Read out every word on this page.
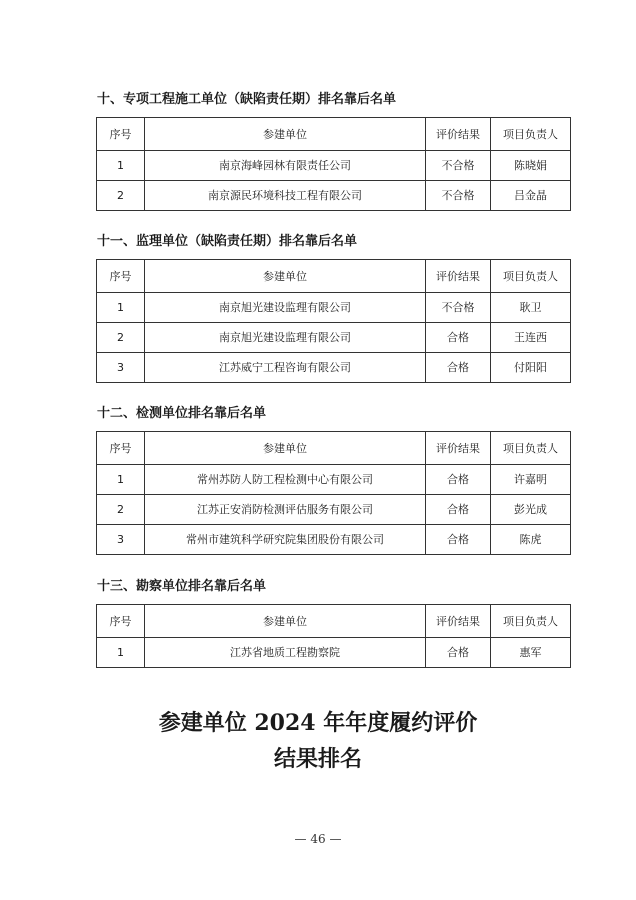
十、专项工程施工单位（缺陷责任期）排名靠后名单
序号	参建单位	评价结果	项目负责人
1	南京海峰园林有限责任公司	不合格	陈晓娟
2	南京源民环境科技工程有限公司	不合格	吕金晶
十一、监理单位（缺陷责任期）排名靠后名单
序号	参建单位	评价结果	项目负责人
1	南京旭光建设监理有限公司	不合格	耿卫
2	南京旭光建设监理有限公司	合格	王连西
3	江苏威宁工程咨询有限公司	合格	付阳阳
十二、检测单位排名靠后名单
序号	参建单位	评价结果	项目负责人
1	常州苏防人防工程检测中心有限公司	合格	许嘉明
2	江苏正安消防检测评估服务有限公司	合格	彭光成
3	常州市建筑科学研究院集团股份有限公司	合格	陈虎
十三、勘察单位排名靠后名单
序号	参建单位	评价结果	项目负责人
1	江苏省地质工程勘察院	合格	惠军
参建单位 2024 年年度履约评价
结果排名
— 46 —
